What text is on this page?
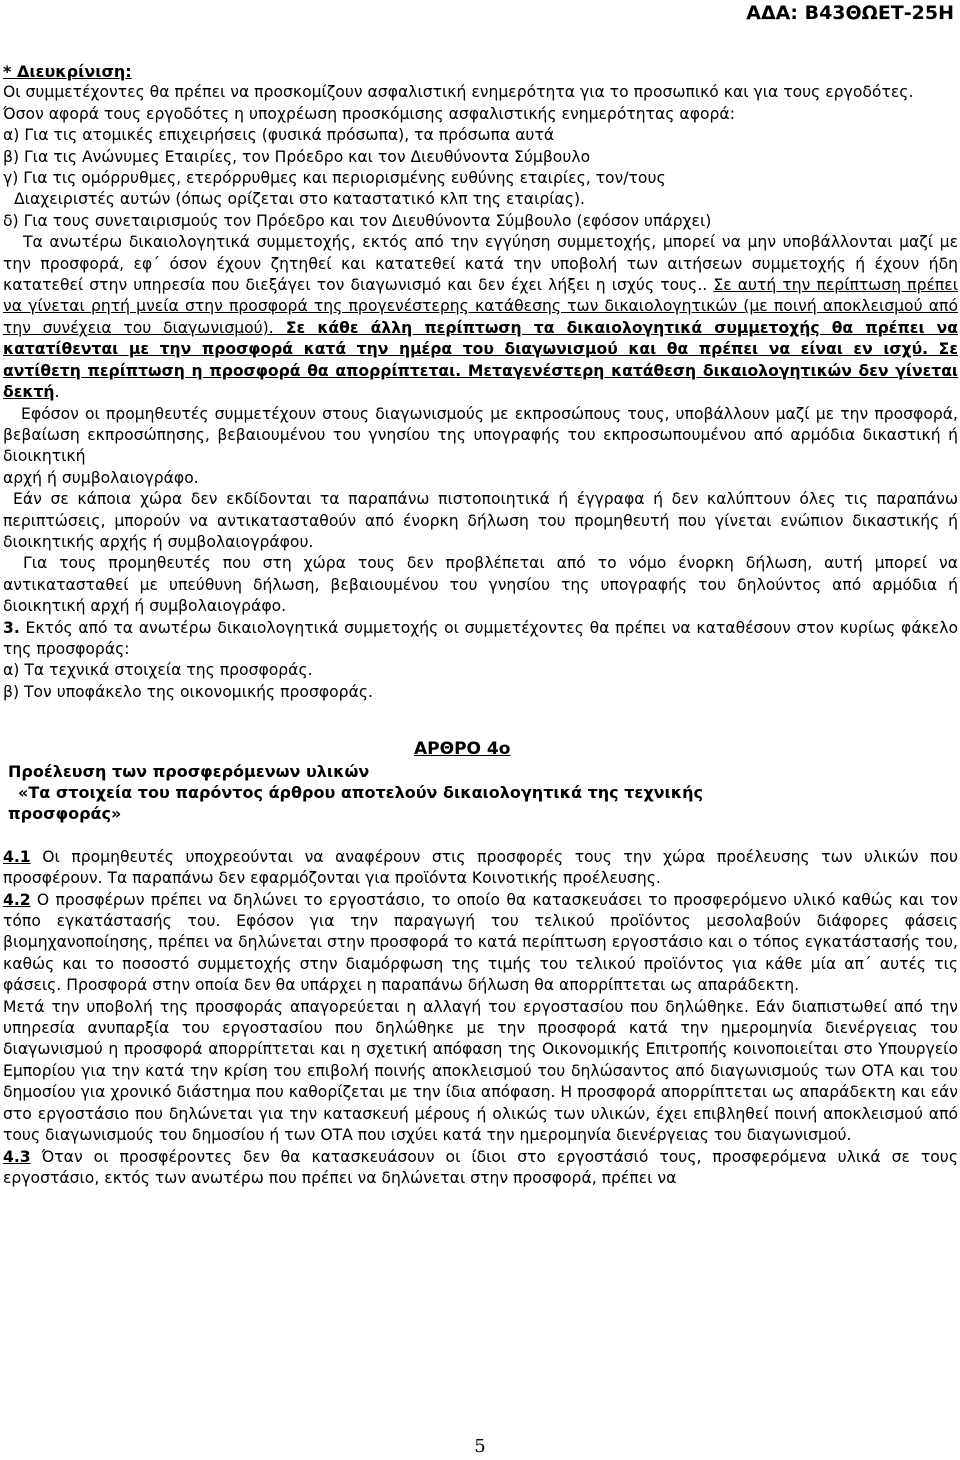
ΑΔΑ: Β43ΘΩΕΤ-25Η

* Διευκρίνιση:

Οι συμμετέχοντες θα πρέπει να προσκομίζουν ασφαλιστική ενημερότητα για το προσωπικό και για τους εργοδότες.

Όσον αφορά τους εργοδότες η υποχρέωση προσκόμισης ασφαλιστικής ενημερότητας αφορά:

α) Για τις ατομικές επιχειρήσεις (φυσικά πρόσωπα), τα πρόσωπα αυτά

β) Για τις Ανώνυμες Εταιρίες, τον Πρόεδρο και τον Διευθύνοντα Σύμβουλο

γ) Για τις ομόρρυθμες, ετερόρρυθμες και περιορισμένης ευθύνης εταιρίες, τον/τους

Διαχειριστές αυτών (όπως ορίζεται στο καταστατικό κλπ της εταιρίας).

δ) Για τους συνεταιρισμούς τον Πρόεδρο και τον Διευθύνοντα Σύμβουλο (εφόσον υπάρχει)

Τα ανωτέρω δικαιολογητικά συμμετοχής, εκτός από την εγγύηση συμμετοχής, μπορεί να μην υποβάλλονται μαζί με την προσφορά, εφ΄ όσον έχουν ζητηθεί και κατατεθεί κατά την υποβολή των αιτήσεων συμμετοχής ή έχουν ήδη κατατεθεί στην υπηρεσία που διεξάγει τον διαγωνισμό και δεν έχει λήξει η ισχύς τους.. Σε αυτή την περίπτωση πρέπει να γίνεται ρητή μνεία στην προσφορά της προγενέστερης κατάθεσης των δικαιολογητικών (με ποινή αποκλεισμού από την συνέχεια του διαγωνισμού). Σε κάθε άλλη περίπτωση τα δικαιολογητικά συμμετοχής θα πρέπει να κατατίθενται με την προσφορά κατά την ημέρα του διαγωνισμού και θα πρέπει να είναι εν ισχύ. Σε αντίθετη περίπτωση η προσφορά θα απορρίπτεται. Μεταγενέστερη κατάθεση δικαιολογητικών δεν γίνεται δεκτή.

Εφόσον οι προμηθευτές συμμετέχουν στους διαγωνισμούς με εκπροσώπους τους, υποβάλλουν μαζί με την προσφορά, βεβαίωση εκπροσώπησης, βεβαιουμένου του γνησίου της υπογραφής του εκπροσωπουμένου από αρμόδια δικαστική ή διοικητική

αρχή ή συμβολαιογράφο.

Εάν σε κάποια χώρα δεν εκδίδονται τα παραπάνω πιστοποιητικά ή έγγραφα ή δεν καλύπτουν όλες τις παραπάνω περιπτώσεις, μπορούν να αντικατασταθούν από ένορκη δήλωση του προμηθευτή που γίνεται ενώπιον δικαστικής ή διοικητικής αρχής ή συμβολαιογράφου.

Για τους προμηθευτές που στη χώρα τους δεν προβλέπεται από το νόμο ένορκη δήλωση, αυτή μπορεί να αντικατασταθεί με υπεύθυνη δήλωση, βεβαιουμένου του γνησίου της υπογραφής του δηλούντος από αρμόδια ή διοικητική αρχή ή συμβολαιογράφο.

3. Εκτός από τα ανωτέρω δικαιολογητικά συμμετοχής οι συμμετέχοντες θα πρέπει να καταθέσουν στον κυρίως φάκελο της προσφοράς:

α) Τα τεχνικά στοιχεία της προσφοράς.

β) Τον υποφάκελο της οικονομικής προσφοράς.

ΑΡΘΡΟ 4ο

Προέλευση των προσφερόμενων υλικών

«Τα στοιχεία του παρόντος άρθρου αποτελούν δικαιολογητικά της τεχνικής προσφοράς»

4.1 Οι προμηθευτές υποχρεούνται να αναφέρουν στις προσφορές τους την χώρα προέλευσης των υλικών που προσφέρουν. Τα παραπάνω δεν εφαρμόζονται για προϊόντα Κοινοτικής προέλευσης.

4.2 Ο προσφέρων πρέπει να δηλώνει το εργοστάσιο, το οποίο θα κατασκευάσει το προσφερόμενο υλικό καθώς και τον τόπο εγκατάστασής του. Εφόσον για την παραγωγή του τελικού προϊόντος μεσολαβούν διάφορες φάσεις βιομηχανοποίησης, πρέπει να δηλώνεται στην προσφορά το κατά περίπτωση εργοστάσιο και ο τόπος εγκατάστασής του, καθώς και το ποσοστό συμμετοχής στην διαμόρφωση της τιμής του τελικού προϊόντος για κάθε μία απ΄ αυτές τις φάσεις. Προσφορά στην οποία δεν θα υπάρχει η παραπάνω δήλωση θα απορρίπτεται ως απαράδεκτη.

Μετά την υποβολή της προσφοράς απαγορεύεται η αλλαγή του εργοστασίου που δηλώθηκε. Εάν διαπιστωθεί από την υπηρεσία ανυπαρξία του εργοστασίου που δηλώθηκε με την προσφορά κατά την ημερομηνία διενέργειας του διαγωνισμού η προσφορά απορρίπτεται και η σχετική απόφαση της Οικονομικής Επιτροπής κοινοποιείται στο Υπουργείο Εμπορίου για την κατά την κρίση του επιβολή ποινής αποκλεισμού του δηλώσαντος από διαγωνισμούς των ΟΤΑ και του δημοσίου για χρονικό διάστημα που καθορίζεται με την ίδια απόφαση. Η προσφορά απορρίπτεται ως απαράδεκτη και εάν στο εργοστάσιο που δηλώνεται για την κατασκευή μέρους ή ολικώς των υλικών, έχει επιβληθεί ποινή αποκλεισμού από τους διαγωνισμούς του δημοσίου ή των ΟΤΑ που ισχύει κατά την ημερομηνία διενέργειας του διαγωνισμού.

4.3 Όταν οι προσφέροντες δεν θα κατασκευάσουν οι ίδιοι στο εργοστάσιό τους, προσφερόμενα υλικά σε τους εργοστάσιο, εκτός των ανωτέρω που πρέπει να δηλώνεται στην προσφορά, πρέπει να

5
